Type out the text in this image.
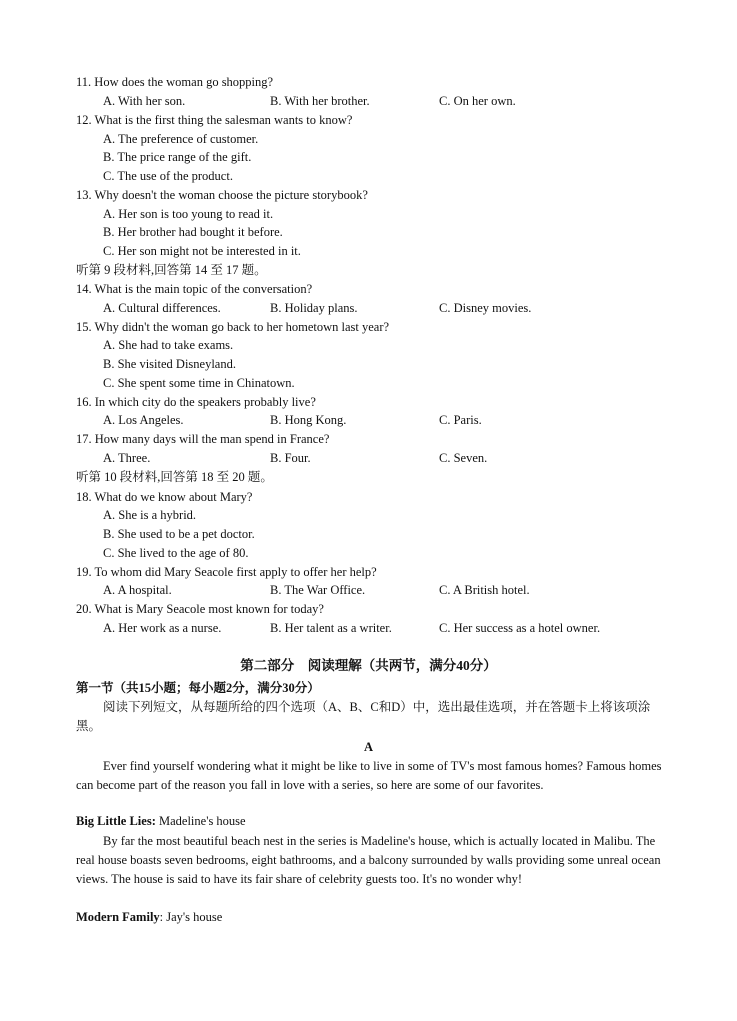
11. How does the woman go shopping?
A. With her son.	B. With her brother.	C. On her own.
12. What is the first thing the salesman wants to know?
A. The preference of customer.
B. The price range of the gift.
C. The use of the product.
13. Why doesn't the woman choose the picture storybook?
A. Her son is too young to read it.
B. Her brother had bought it before.
C. Her son might not be interested in it.
听第 9 段材料,回答第 14 至 17 题。
14. What is the main topic of the conversation?
A. Cultural differences.	B. Holiday plans.	C. Disney movies.
15. Why didn't the woman go back to her hometown last year?
A. She had to take exams.
B. She visited Disneyland.
C. She spent some time in Chinatown.
16. In which city do the speakers probably live?
A. Los Angeles.	B. Hong Kong.	C. Paris.
17. How many days will the man spend in France?
A. Three.	B. Four.	C. Seven.
听第 10 段材料,回答第 18 至 20 题。
18. What do we know about Mary?
A. She is a hybrid.
B. She used to be a pet doctor.
C. She lived to the age of 80.
19. To whom did Mary Seacole first apply to offer her help?
A. A hospital.	B. The War Office.	C. A British hotel.
20. What is Mary Seacole most known for today?
A. Her work as a nurse.	B. Her talent as a writer.	C. Her success as a hotel owner.
第二部分　阅读理解（共两节，满分40分）
第一节（共15小题；每小题2分，满分30分）
阅读下列短文，从每题所给的四个选项（A、B、C和D）中，选出最佳选项，并在答题卡上将该项涂黑。
A
Ever find yourself wondering what it might be like to live in some of TV's most famous homes? Famous homes can become part of the reason you fall in love with a series, so here are some of our favorites.
Big Little Lies: Madeline's house
By far the most beautiful beach nest in the series is Madeline's house, which is actually located in Malibu. The real house boasts seven bedrooms, eight bathrooms, and a balcony surrounded by walls providing some unreal ocean views. The house is said to have its fair share of celebrity guests too. It's no wonder why!
Modern Family: Jay's house
